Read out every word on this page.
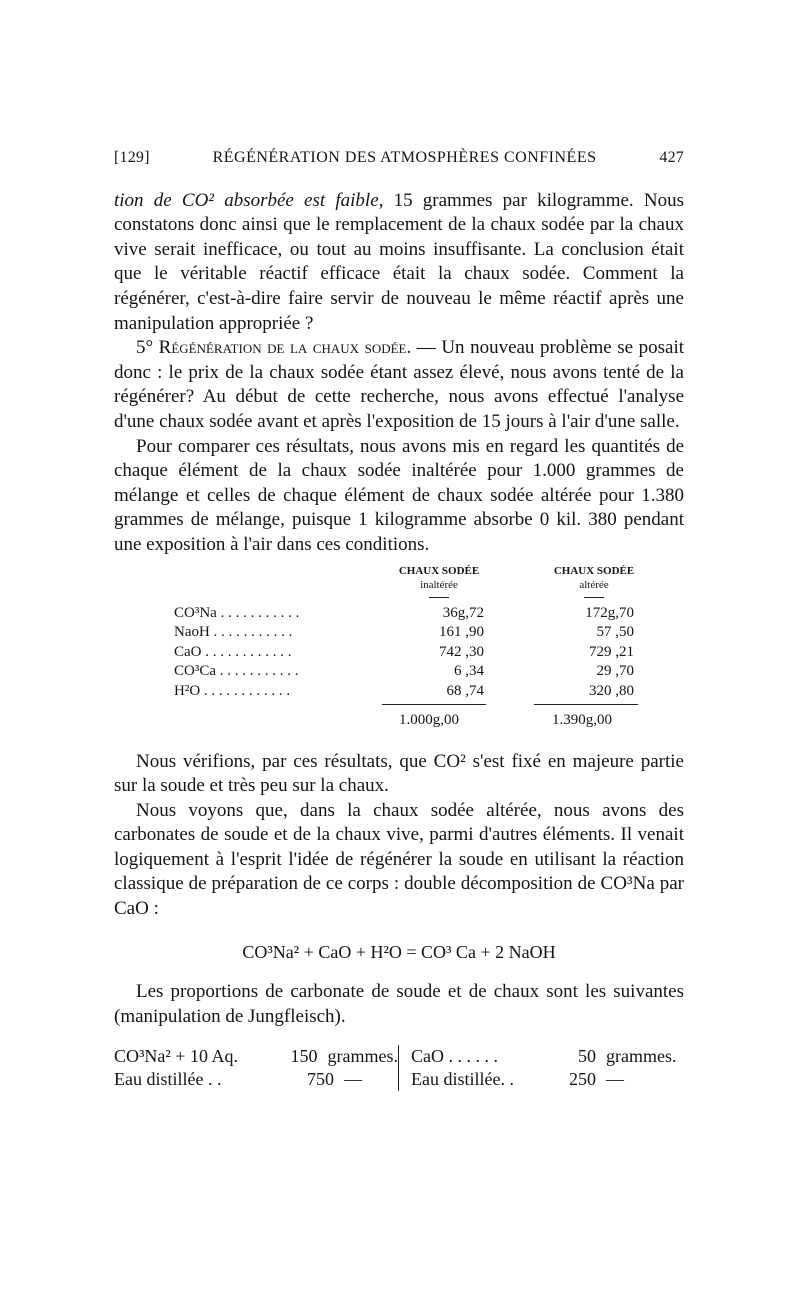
[129]	RÉGÉNÉRATION DES ATMOSPHÈRES CONFINÉES	427

tion de CO² absorbée est faible, 15 grammes par kilogramme. Nous constatons donc ainsi que le remplacement de la chaux sodée par la chaux vive serait inefficace, ou tout au moins insuffisante. La conclusion était que le véritable réactif efficace était la chaux sodée. Comment la régénérer, c'est-à-dire faire servir de nouveau le même réactif après une manipulation appropriée ?

5° Régénération de la chaux sodée. — Un nouveau problème se posait donc : le prix de la chaux sodée étant assez élevé, nous avons tenté de la régénérer? Au début de cette recherche, nous avons effectué l'analyse d'une chaux sodée avant et après l'exposition de 15 jours à l'air d'une salle.

Pour comparer ces résultats, nous avons mis en regard les quantités de chaque élément de la chaux sodée inaltérée pour 1.000 grammes de mélange et celles de chaque élément de chaux sodée altérée pour 1.380 grammes de mélange, puisque 1 kilogramme absorbe 0 kil. 380 pendant une exposition à l'air dans ces conditions.

CHAUX SODÉE
inaltérée
CHAUX SODÉE
altérée
CO³Na . . . . . . . . . . .	36g,72	172g,70
NaoH . . . . . . . . . . .	161 ,90	57 ,50
CaO . . . . . . . . . . . .	742 ,30	729 ,21
CO³Ca . . . . . . . . . . .	6 ,34	29 ,70
H²O . . . . . . . . . . . .	68 ,74	320 ,80
1.000g,00	1.390g,00

Nous vérifions, par ces résultats, que CO² s'est fixé en majeure partie sur la soude et très peu sur la chaux.

Nous voyons que, dans la chaux sodée altérée, nous avons des carbonates de soude et de la chaux vive, parmi d'autres éléments. Il venait logiquement à l'esprit l'idée de régénérer la soude en utilisant la réaction classique de préparation de ce corps : double décomposition de CO³Na par CaO :

CO³Na² + CaO + H²O = CO³ Ca + 2 NaOH

Les proportions de carbonate de soude et de chaux sont les suivantes (manipulation de Jungfleisch).

CO³Na² + 10 Aq.	150 grammes.
Eau distillée . .	750 —
CaO . . . . . .	50 grammes.
Eau distillée. .	250 —
